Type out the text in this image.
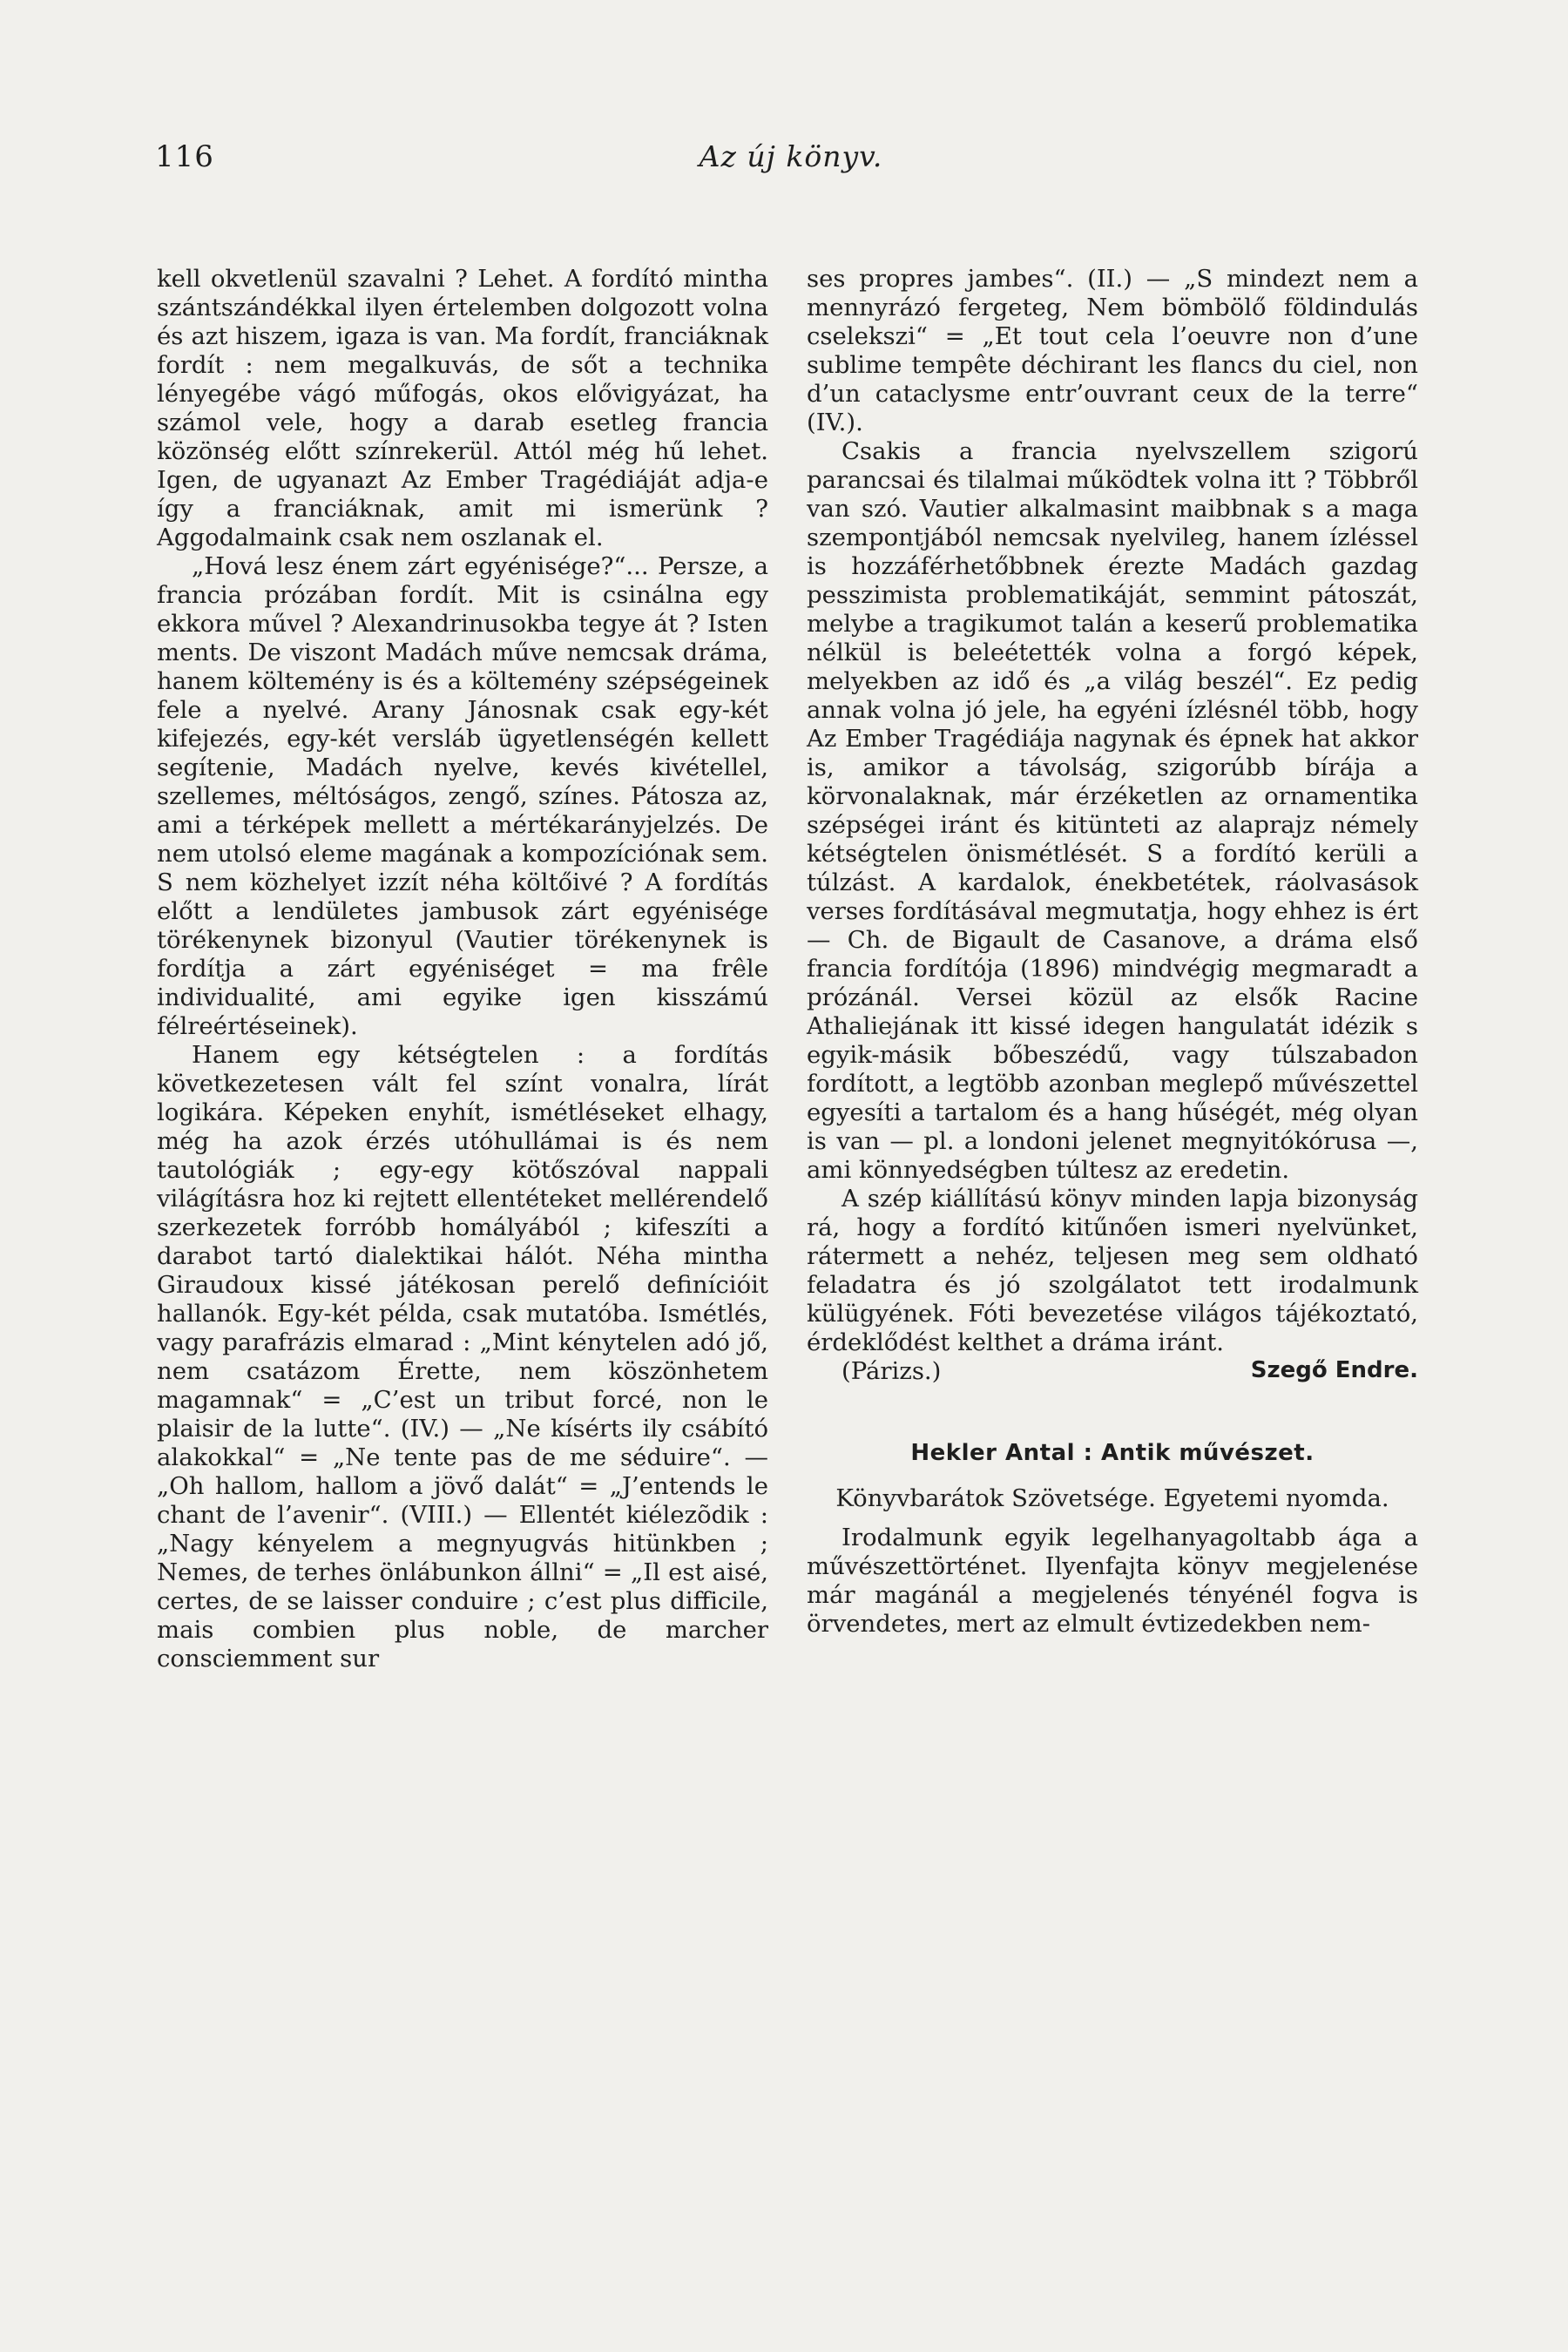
116	Az új könyv.

kell okvetlenül szavalni ? Lehet. A fordító mintha szántszándékkal ilyen értelemben dolgozott volna és azt hiszem, igaza is van. Ma fordít, franciáknak fordít : nem megalkuvás, de sőt a technika lényegébe vágó műfogás, okos elővigyázat, ha számol vele, hogy a darab esetleg francia közönség előtt színrekerül. Attól még hű lehet. Igen, de ugyanazt Az Ember Tragédiáját adja-e így a franciáknak, amit mi ismerünk ? Aggodalmaink csak nem oszlanak el.

„Hová lesz énem zárt egyénisége?“... Persze, a francia prózában fordít. Mit is csinálna egy ekkora művel ? Alexandrinusokba tegye át ? Isten ments. De viszont Madách műve nemcsak dráma, hanem költemény is és a költemény szépségeinek fele a nyelvé. Arany Jánosnak csak egy-két kifejezés, egy-két versláb ügyetlenségén kellett segítenie, Madách nyelve, kevés kivétellel, szellemes, méltóságos, zengő, színes. Pátosza az, ami a térképek mellett a mértékarányjelzés. De nem utolsó eleme magának a kompozíciónak sem. S nem közhelyet izzít néha költőivé ? A fordítás előtt a lendületes jambusok zárt egyénisége törékenynek bizonyul (Vautier törékenynek is fordítja a zárt egyéniséget = ma frêle individualité, ami egyike igen kisszámú félreértéseinek).

Hanem egy kétségtelen : a fordítás következetesen vált fel színt vonalra, lírát logikára. Képeken enyhít, ismétléseket elhagy, még ha azok érzés utóhullámai is és nem tautológiák ; egy-egy kötőszóval nappali világításra hoz ki rejtett ellentéteket mellérendelő szerkezetek forróbb homályából ; kifeszíti a darabot tartó dialektikai hálót. Néha mintha Giraudoux kissé játékosan perelő definícióit hallanók. Egy-két példa, csak mutatóba. Ismétlés, vagy parafrázis elmarad : „Mint kénytelen adó jő, nem csatázom Érette, nem köszönhetem magamnak“ = „C’est un tribut forcé, non le plaisir de la lutte“. (IV.) — „Ne kísérts ily csábító alakokkal“ = „Ne tente pas de me séduire“. — „Oh hallom, hallom a jövő dalát“ = „J’entends le chant de l’avenir“. (VIII.) — Ellentét kiélezõdik : „Nagy kényelem a megnyugvás hitünkben ; Nemes, de terhes önlábunkon állni“ = „Il est aisé, certes, de se laisser conduire ; c’est plus difficile, mais combien plus noble, de marcher consciemment sur

ses propres jambes“. (II.) — „S mindezt nem a mennyrázó fergeteg, Nem bömbölő földindulás cselekszi“ = „Et tout cela l’oeuvre non d’une sublime tempête déchirant les flancs du ciel, non d’un cataclysme entr’ouvrant ceux de la terre“ (IV.).

Csakis a francia nyelvszellem szigorú parancsai és tilalmai működtek volna itt ? Többről van szó. Vautier alkalmasint maibbnak s a maga szempontjából nemcsak nyelvileg, hanem ízléssel is hozzáférhetőbbnek érezte Madách gazdag pesszimista problematikáját, semmint pátoszát, melybe a tragikumot talán a keserű problematika nélkül is beleétették volna a forgó képek, melyekben az idő és „a világ beszél“. Ez pedig annak volna jó jele, ha egyéni ízlésnél több, hogy Az Ember Tragédiája nagynak és épnek hat akkor is, amikor a távolság, szigorúbb bírája a körvonalaknak, már érzéketlen az ornamentika szépségei iránt és kitünteti az alaprajz némely kétségtelen önismétlését. S a fordító kerüli a túlzást. A kardalok, énekbetétek, ráolvasások verses fordításával megmutatja, hogy ehhez is ért — Ch. de Bigault de Casanove, a dráma első francia fordítója (1896) mindvégig megmaradt a prózánál. Versei közül az elsők Racine Athaliejának itt kissé idegen hangulatát idézik s egyik-másik bőbeszédű, vagy túlszabadon fordított, a legtöbb azonban meglepő művészettel egyesíti a tartalom és a hang hűségét, még olyan is van — pl. a londoni jelenet megnyitókórusa —, ami könnyedségben túltesz az eredetin.

A szép kiállítású könyv minden lapja bizonyság rá, hogy a fordító kitűnően ismeri nyelvünket, rátermett a nehéz, teljesen meg sem oldható feladatra és jó szolgálatot tett irodalmunk külügyének. Fóti bevezetése világos tájékoztató, érdeklődést kelthet a dráma iránt.

(Párizs.)	Szegő Endre.
Hekler Antal : Antik művészet.
Könyvbarátok Szövetsége. Egyetemi nyomda.

Irodalmunk egyik legelhanyagoltabb ága a művészettörténet. Ilyenfajta könyv megjelenése már magánál a megjelenés tényénél fogva is örvendetes, mert az elmult évtizedekben nem-
